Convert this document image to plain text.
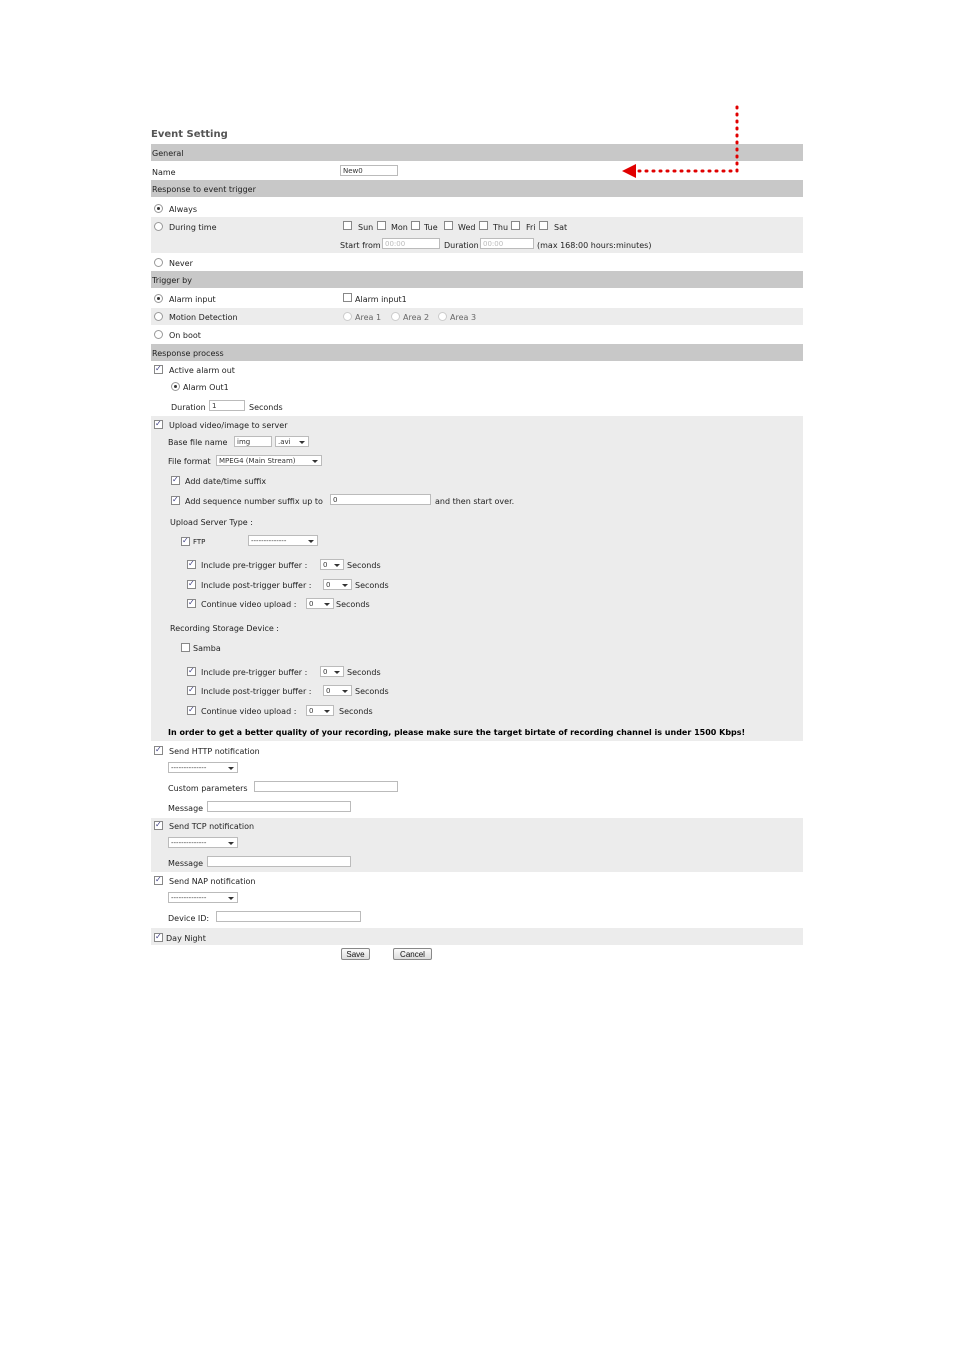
Event Setting
General
Name	New0
Response to event trigger
Always
During time	Sun Mon Tue	Wed Thu Fri Sat
Start from 00:00	Duration 00:00	(max 168:00 hours:minutes)
Never
Trigger by
Alarm input	Alarm input1
Motion Detection	Area 1	Area 2	Area 3
On boot
Response process
✓
Active alarm out
Alarm Out1
Duration 1	Seconds
✓
Upload video/image to server
Base file name	img	.avi
File format	MPEG4 (Main Stream)
✓
Add date/time suffix
✓
Add sequence number suffix up to	0	and then start over.
Upload Server Type :
✓
FTP	--------------
✓
Include pre-trigger buffer :	0	Seconds
✓
Include post-trigger buffer :	0	Seconds
✓
Continue video upload :	0	Seconds
Recording Storage Device :
Samba
✓
Include pre-trigger buffer :	0	Seconds
✓
Include post-trigger buffer :	0	Seconds
✓
Continue video upload :	0	Seconds
In order to get a better quality of your recording, please make sure the target birtate of recording channel is under 1500 Kbps!
✓
Send HTTP notification
--------------
Custom parameters
Message
✓
Send TCP notification
--------------
Message
✓
Send NAP notification
--------------
Device ID:
✓
Day Night
Save	Cancel
